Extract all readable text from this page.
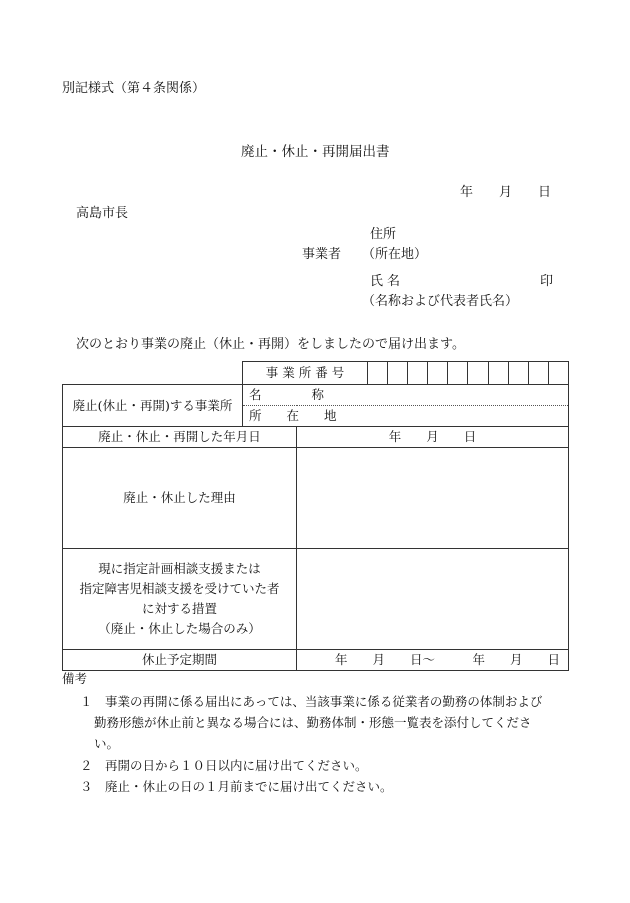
別記様式（第４条関係）
廃止・休止・再開届出書
年　　月　　日
高島市長
住所
事業者 （所在地）
氏名	印
（名称および代表者氏名）
次のとおり事業の廃止（休止・再開）をしましたので届け出ます。

	事 業 所 番 号	

廃止(休止・再開)する事業所	名　　　　称	
	所　　在　　地	
廃止・休止・再開した年月日		年　　月　　日
廃止・休止した理由		

現に指定計画相談支援または
指定障害児相談支援を受けていた者
に対する措置
（廃止・休止した場合のみ）		

休止予定期間		年　　月　　日～　　　年　　月　　日
備考
１　事業の再開に係る届出にあっては、当該事業に係る従業者の勤務の体制および
勤務形態が休止前と異なる場合には、勤務体制・形態一覧表を添付してくださ
い。
２　再開の日から１０日以内に届け出てください。
３　廃止・休止の日の１月前までに届け出てください。
